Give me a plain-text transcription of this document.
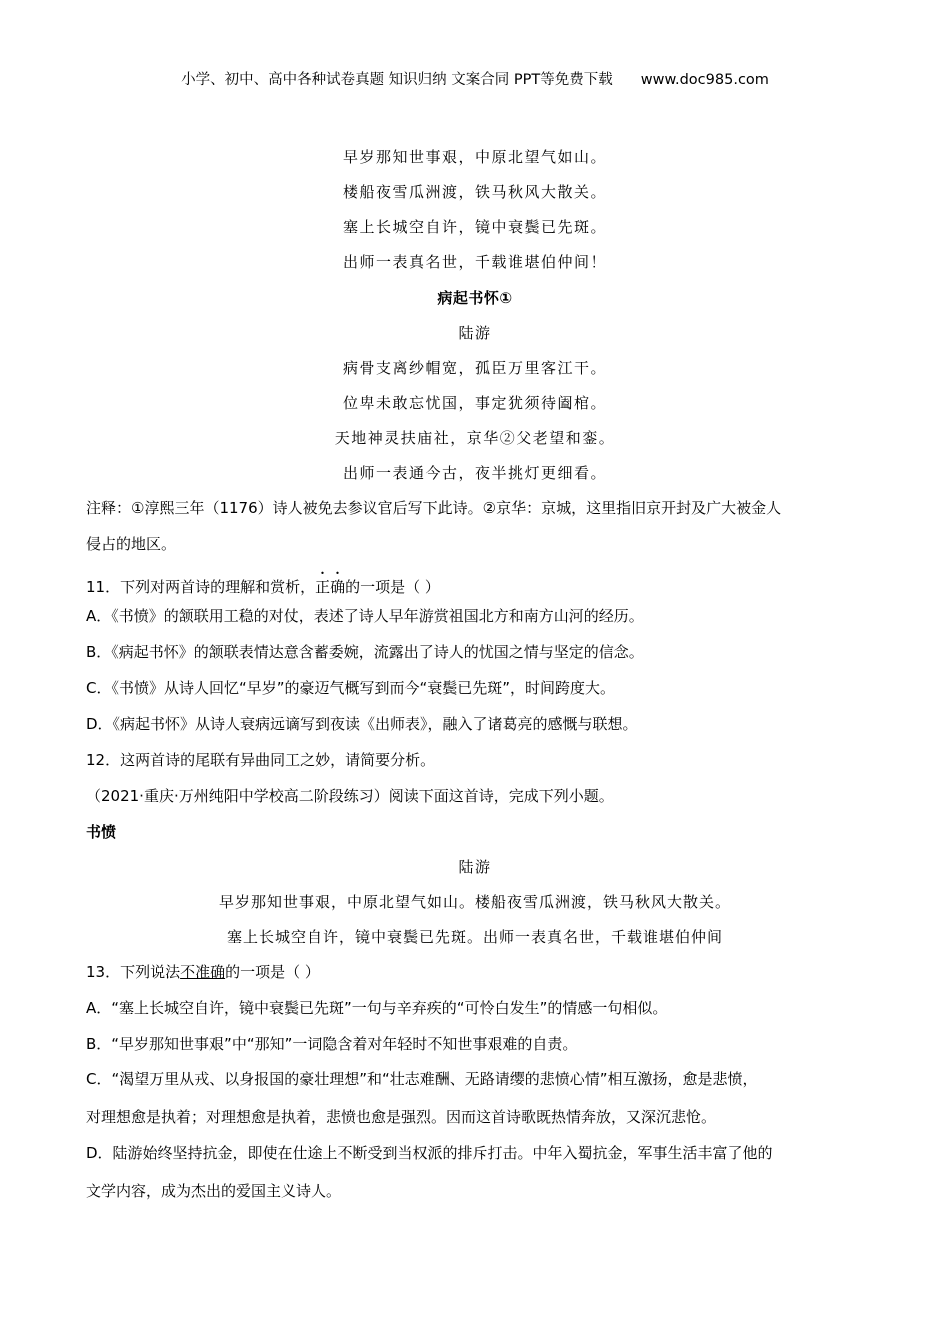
小学、初中、高中各种试卷真题 知识归纳 文案合同 PPT等免费下载 www.doc985.com
早岁那知世事艰，中原北望气如山。
楼船夜雪瓜洲渡，铁马秋风大散关。
塞上长城空自许，镜中衰鬓已先斑。
出师一表真名世，千载谁堪伯仲间！
病起书怀①
陆游
病骨支离纱帽宽，孤臣万里客江干。
位卑未敢忘忧国，事定犹须待阖棺。
天地神灵扶庙社，京华②父老望和銮。
出师一表通今古，夜半挑灯更细看。
注释：①淳熙三年（1176）诗人被免去参议官后写下此诗。②京华：京城，这里指旧京开封及广大被金人
侵占的地区。
11．下列对两首诗的理解和赏析，正确的一项是（ ）
A．《书愤》的颔联用工稳的对仗，表述了诗人早年游赏祖国北方和南方山河的经历。
B．《病起书怀》的颔联表情达意含蓄委婉，流露出了诗人的忧国之情与坚定的信念。
C．《书愤》从诗人回忆“早岁”的豪迈气概写到而今“衰鬓已先斑”，时间跨度大。
D．《病起书怀》从诗人衰病远谪写到夜读《出师表》，融入了诸葛亮的感慨与联想。
12．这两首诗的尾联有异曲同工之妙，请简要分析。
（2021·重庆·万州纯阳中学校高二阶段练习）阅读下面这首诗，完成下列小题。
书愤
陆游
早岁那知世事艰，中原北望气如山。楼船夜雪瓜洲渡，铁马秋风大散关。
塞上长城空自许，镜中衰鬓已先斑。出师一表真名世，千载谁堪伯仲间
13．下列说法不准确的一项是（ ）
A．“塞上长城空自许，镜中衰鬓已先斑”一句与辛弃疾的“可怜白发生”的情感一句相似。
B．“早岁那知世事艰”中“那知”一词隐含着对年轻时不知世事艰难的自责。
C．“渴望万里从戎、以身报国的豪壮理想”和“壮志难酬、无路请缨的悲愤心情”相互激扬，愈是悲愤，
对理想愈是执着；对理想愈是执着，悲愤也愈是强烈。因而这首诗歌既热情奔放，又深沉悲怆。
D．陆游始终坚持抗金，即使在仕途上不断受到当权派的排斥打击。中年入蜀抗金，军事生活丰富了他的
文学内容，成为杰出的爱国主义诗人。
